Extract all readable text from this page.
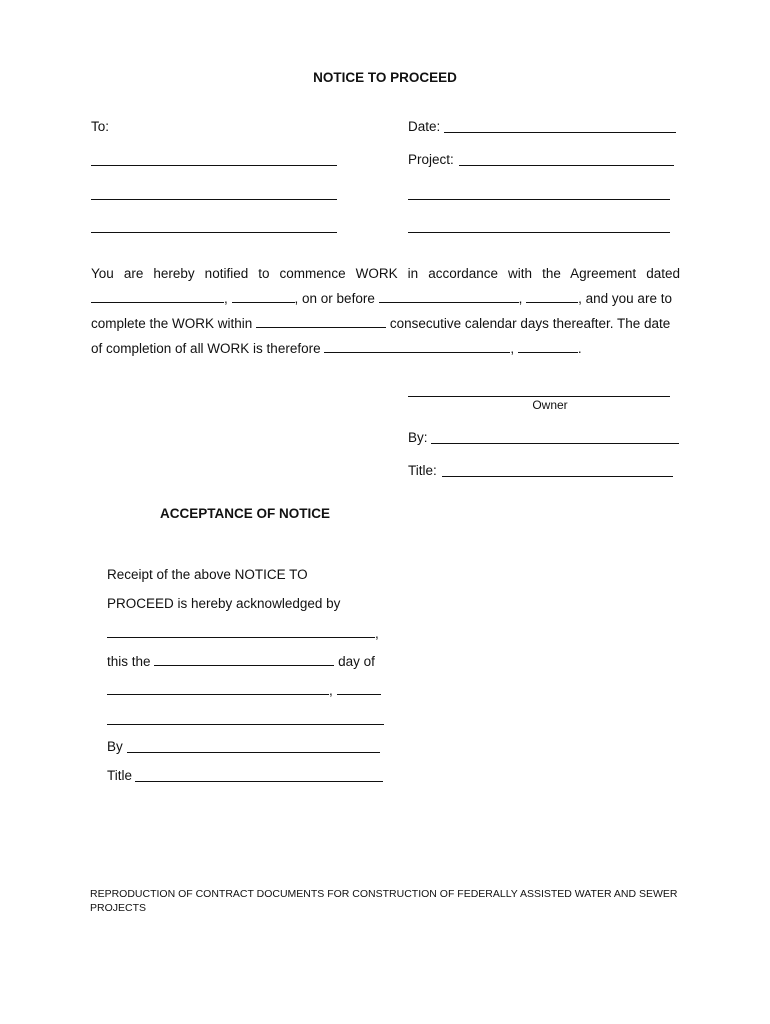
NOTICE TO PROCEED
To:	Date:
Project:
You are hereby notified to commence WORK in accordance with the Agreement dated
,	, on or before	,	, and you are to
complete the WORK within	consecutive calendar days thereafter. The date
of completion of all WORK is therefore	,	.
Owner
By:
Title:
ACCEPTANCE OF NOTICE
Receipt of the above NOTICE TO
PROCEED is hereby acknowledged by
,
this the	day of
,
By
Title
REPRODUCTION OF CONTRACT DOCUMENTS FOR CONSTRUCTION OF FEDERALLY ASSISTED WATER AND SEWER PROJECTS
